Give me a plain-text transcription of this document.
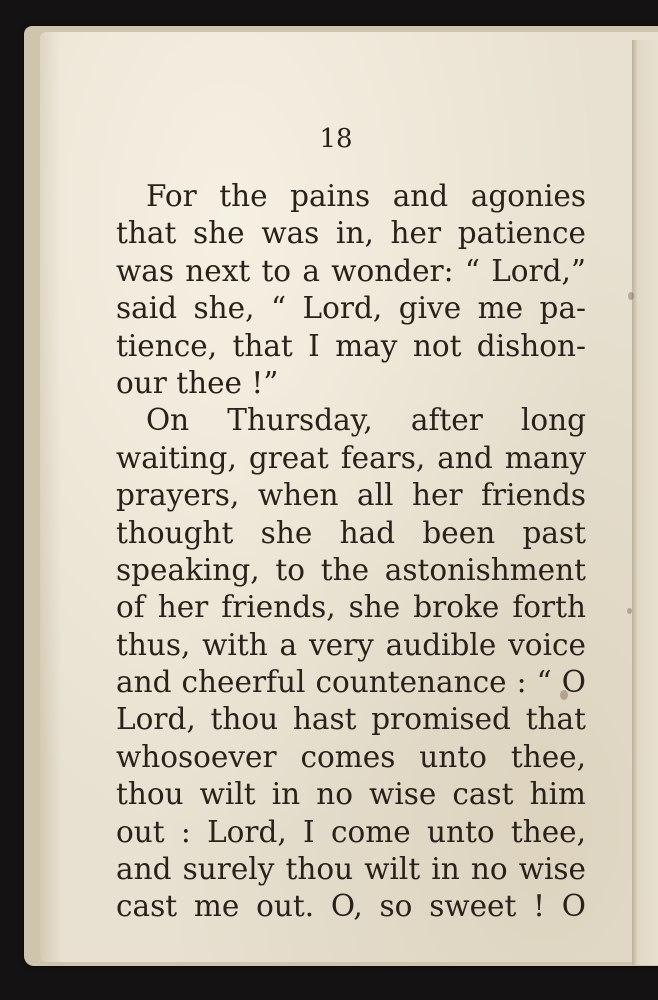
18
For the pains and agonies
that she was in, her patience
was next to a wonder: “ Lord,”
said she, “ Lord, give me pa-
tience, that I may not dishon-
our thee !”
On Thursday, after long
waiting, great fears, and many
prayers, when all her friends
thought she had been past
speaking, to the astonishment
of her friends, she broke forth
thus, with a very audible voice
and cheerful countenance : “ O
Lord, thou hast promised that
whosoever comes unto thee,
thou wilt in no wise cast him
out : Lord, I come unto thee,
and surely thou wilt in no wise
cast me out. O, so sweet ! O
